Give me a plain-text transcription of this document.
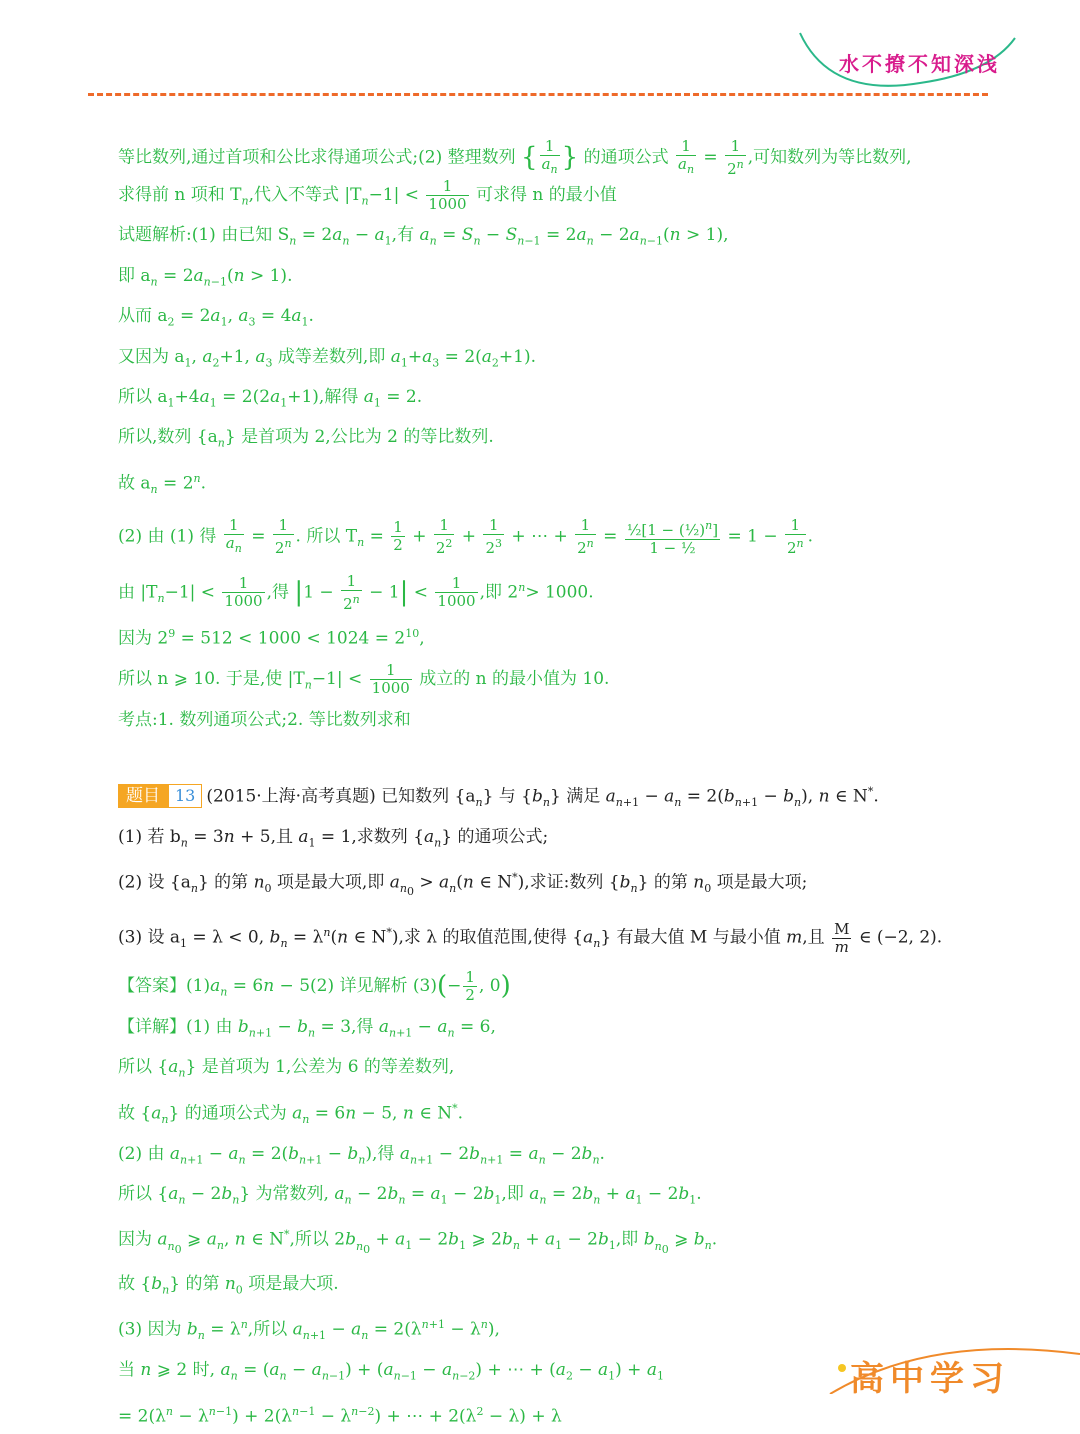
水不撩不知深浅
等比数列,通过首项和公比求得通项公式;(2) 整理数列 { $\frac{1}{a_n}$ } 的通项公式 $\frac{1}{a_n} = \frac{1}{2^n}$ ,可知数列为等比数列,
求得前 n 项和 $T_n$,代入不等式 $|T_n-1| < \frac{1}{1000}$ 可求得 n 的最小值
试题解析:(1) 由已知 $S_n = 2a_n - a_1$,有 $a_n = S_n - S_{n-1} = 2a_n - 2a_{n-1}(n > 1)$,
即 $a_n = 2a_{n-1}(n > 1)$.
从而 $a_2 = 2a_1$, $a_3 = 4a_1$.
又因为 $a_1$, $a_2+1$, $a_3$ 成等差数列,即 $a_1+a_3 = 2(a_2+1)$.
所以 $a_1+4a_1 = 2(2a_1+1)$,解得 $a_1 = 2$.
所以,数列 $\{a_n\}$ 是首项为 2,公比为 2 的等比数列.
故 $a_n = 2^n$.
(2) 由 (1) 得 $\frac{1}{a_n} = \frac{1}{2^n}$ . 所以 $T_n = \frac{1}{2} + \frac{1}{2^2} + \frac{1}{2^3}$ + ⋯ + $\frac{1}{2^n} = \frac{\frac{1}{2}[1 - (\frac{1}{2})^n]}{\text{1 − ½}} = 1 - \frac{1}{2^n}$ .
由 $|T_n-1| < \frac{1}{1000}$ ,得 $|1 - \frac{1}{2^n} - 1| < \frac{1}{1000}$ ,即 $2^n> 1000$.
因为 $2^9 = 512 < 1000 < 1024 = 2^{10}$,
所以 n ⩾ 10. 于是,使 $|T_n-1| < \frac{1}{1000}$ 成立的 n 的最小值为 10.
考点:1. 数列通项公式;2. 等比数列求和
题目 13 (2015·上海·高考真题) 已知数列 $\{a_n\}$ 与 $\{b_n\}$ 满足 $a_{n+1} - a_n = 2(b_{n+1} - b_n)$, n ∈ N*.
(1) 若 $b_n = 3n + 5$,且 $a_1 = 1$,求数列 $\{a_n\}$ 的通项公式;
(2) 设 $\{a_n\}$ 的第 $n_0$ 项是最大项,即 $a_{n_0} > a_n(n$ ∈ N*),求证:数列 $\{b_n\}$ 的第 $n_0$ 项是最大项;
(3) 设 $a_1 = \lambda < 0$, $b_n = \lambda^n(n$ ∈ N*),求 λ 的取值范围,使得 $\{a_n\}$ 有最大值 M 与最小值 m,且 $\frac{M}{m}$ ∈ (−2, 2).
【答案】$(1)a_n = 6n - 5(2)$ 详见解析 $(3)(- \frac{1}{2}$ , 0)
【详解】(1) 由 $b_{n+1} - b_n = 3$,得 $a_{n+1} - a_n = 6$,
所以 $\{a_n\}$ 是首项为 1,公差为 6 的等差数列,
故 $\{a_n\}$ 的通项公式为 $a_n = 6n - 5$, n ∈ N*.
(2) 由 $a_{n+1} - a_n = 2(b_{n+1} - b_n)$,得 $a_{n+1} - 2b_{n+1} = a_n - 2b_n$.
所以 $\{a_n - 2b_n\}$ 为常数列, $a_n - 2b_n = a_1 - 2b_1$,即 $a_n = 2b_n + a_1 - 2b_1$.
因为 $a_{n_0}$ ⩾ $a_n$, n ∈ N*,所以 $2b_{n_0} + a_1 - 2b_1$ ⩾ $2b_n + a_1 - 2b_1$,即 $b_{n_0}$ ⩾ $b_n$.
故 $\{b_n\}$ 的第 $n_0$ 项是最大项.
(3) 因为 $b_n = \lambda^n$,所以 $a_{n+1} - a_n = 2(\lambda^{n+1} - \lambda^n)$,
当 n ⩾ 2 时, $a_n = (a_n - a_{n-1}) + (a_{n-1} - a_{n-2})$ + ⋯ + $(a_2 - a_1) + a_1$
= $2(\lambda^n - \lambda^{n-1}) + 2(\lambda^{n-1} - \lambda^{n-2})$ + ⋯ + $2(\lambda^2 - \lambda) + \lambda$
高中学习
